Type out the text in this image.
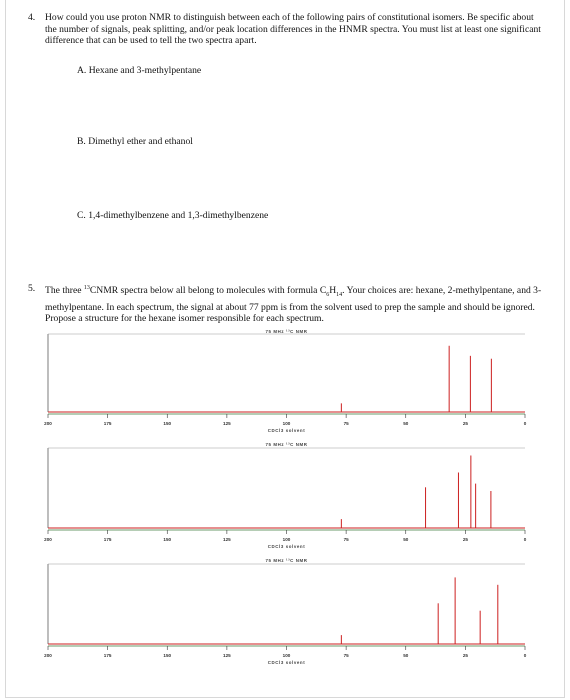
4. How could you use proton NMR to distinguish between each of the following pairs of constitutional isomers. Be specific about the number of signals, peak splitting, and/or peak location differences in the HNMR spectra. You must list at least one significant difference that can be used to tell the two spectra apart.
A. Hexane and 3-methylpentane
B. Dimethyl ether and ethanol
C. 1,4-dimethylbenzene and 1,3-dimethylbenzene
5. The three $^{13}$CNMR spectra below all belong to molecules with formula $C_6H_{14}$. Your choices are: hexane, 2-methylpentane, and 3-methylpentane. In each spectrum, the signal at about 77 ppm is from the solvent used to prep the sample and should be ignored. Propose a structure for the hexane isomer responsible for each spectrum.
200	175	150	125	100	75	50	25	0
CDCl3 solvent
75 MHz ¹³C NMR
200	175	150	125	100	75	50	25	0
CDCl3 solvent
75 MHz ¹³C NMR
200	175	150	125	100	75	50	25	0
CDCl3 solvent
75 MHz ¹³C NMR
